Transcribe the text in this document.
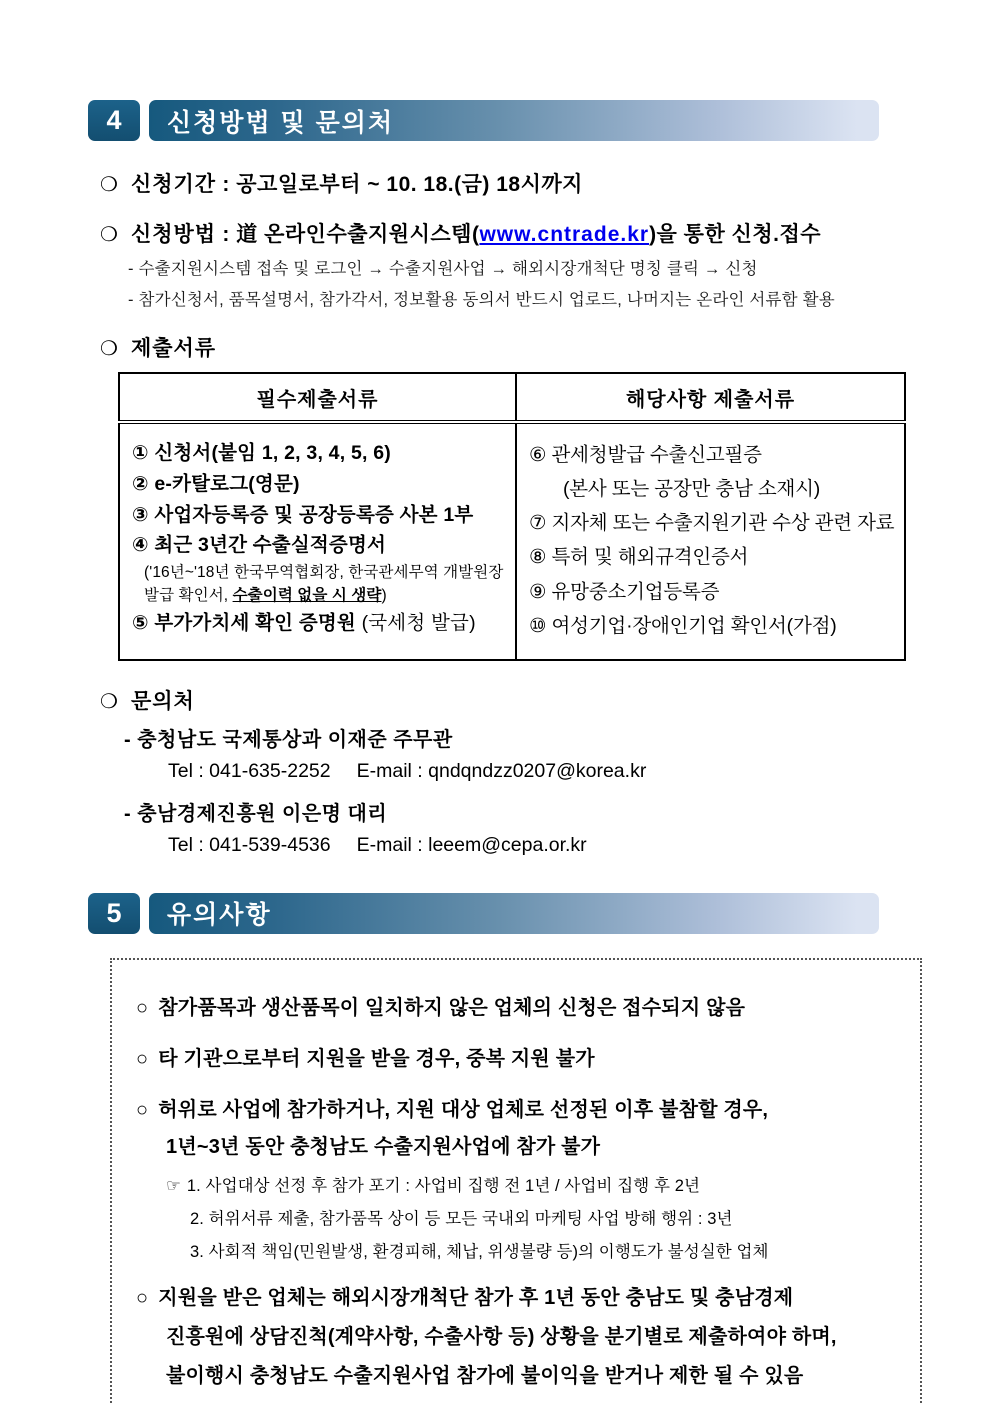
4	신청방법 및 문의처
❍ 신청기간 : 공고일로부터 ~ 10. 18.(금) 18시까지
❍ 신청방법 : 道 온라인수출지원시스템(www.cntrade.kr)을 통한 신청.접수
- 수출지원시스템 접속 및 로그인 → 수출지원사업 → 해외시장개척단 명칭 클릭 → 신청
- 참가신청서, 품목설명서, 참가각서, 정보활용 동의서 반드시 업로드, 나머지는 온라인 서류함 활용
❍ 제출서류
필수제출서류	해당사항 제출서류

① 신청서(붙임 1, 2, 3, 4, 5, 6)
② e-카탈로그(영문)
③ 사업자등록증 및 공장등록증 사본 1부
④ 최근 3년간 수출실적증명서
('16년~'18년 한국무역협회장, 한국관세무역 개발원장 발급 확인서, 수출이력 없을 시 생략)
⑤ 부가가치세 확인 증명원 (국세청 발급)

⑥ 관세청발급 수출신고필증
(본사 또는 공장만 충남 소재시)
⑦ 지자체 또는 수출지원기관 수상 관련 자료
⑧ 특허 및 해외규격인증서
⑨ 유망중소기업등록증
⑩ 여성기업·장애인기업 확인서(가점)
❍ 문의처
- 충청남도 국제통상과 이재준 주무관
Tel : 041-635-2252 E-mail : qndqndzz0207@korea.kr
- 충남경제진흥원 이은명 대리
Tel : 041-539-4536 E-mail : leeem@cepa.or.kr
5	유의사항
○ 참가품목과 생산품목이 일치하지 않은 업체의 신청은 접수되지 않음
○ 타 기관으로부터 지원을 받을 경우, 중복 지원 불가
○ 허위로 사업에 참가하거나, 지원 대상 업체로 선정된 이후 불참할 경우,
1년~3년 동안 충청남도 수출지원사업에 참가 불가
☞ 1. 사업대상 선정 후 참가 포기 : 사업비 집행 전 1년 / 사업비 집행 후 2년
2. 허위서류 제출, 참가품목 상이 등 모든 국내외 마케팅 사업 방해 행위 : 3년
3. 사회적 책임(민원발생, 환경피해, 체납, 위생불량 등)의 이행도가 불성실한 업체
○ 지원을 받은 업체는 해외시장개척단 참가 후 1년 동안 충남도 및 충남경제
진흥원에 상담진척(계약사항, 수출사항 등) 상황을 분기별로 제출하여야 하며,
불이행시 충청남도 수출지원사업 참가에 불이익을 받거나 제한 될 수 있음
